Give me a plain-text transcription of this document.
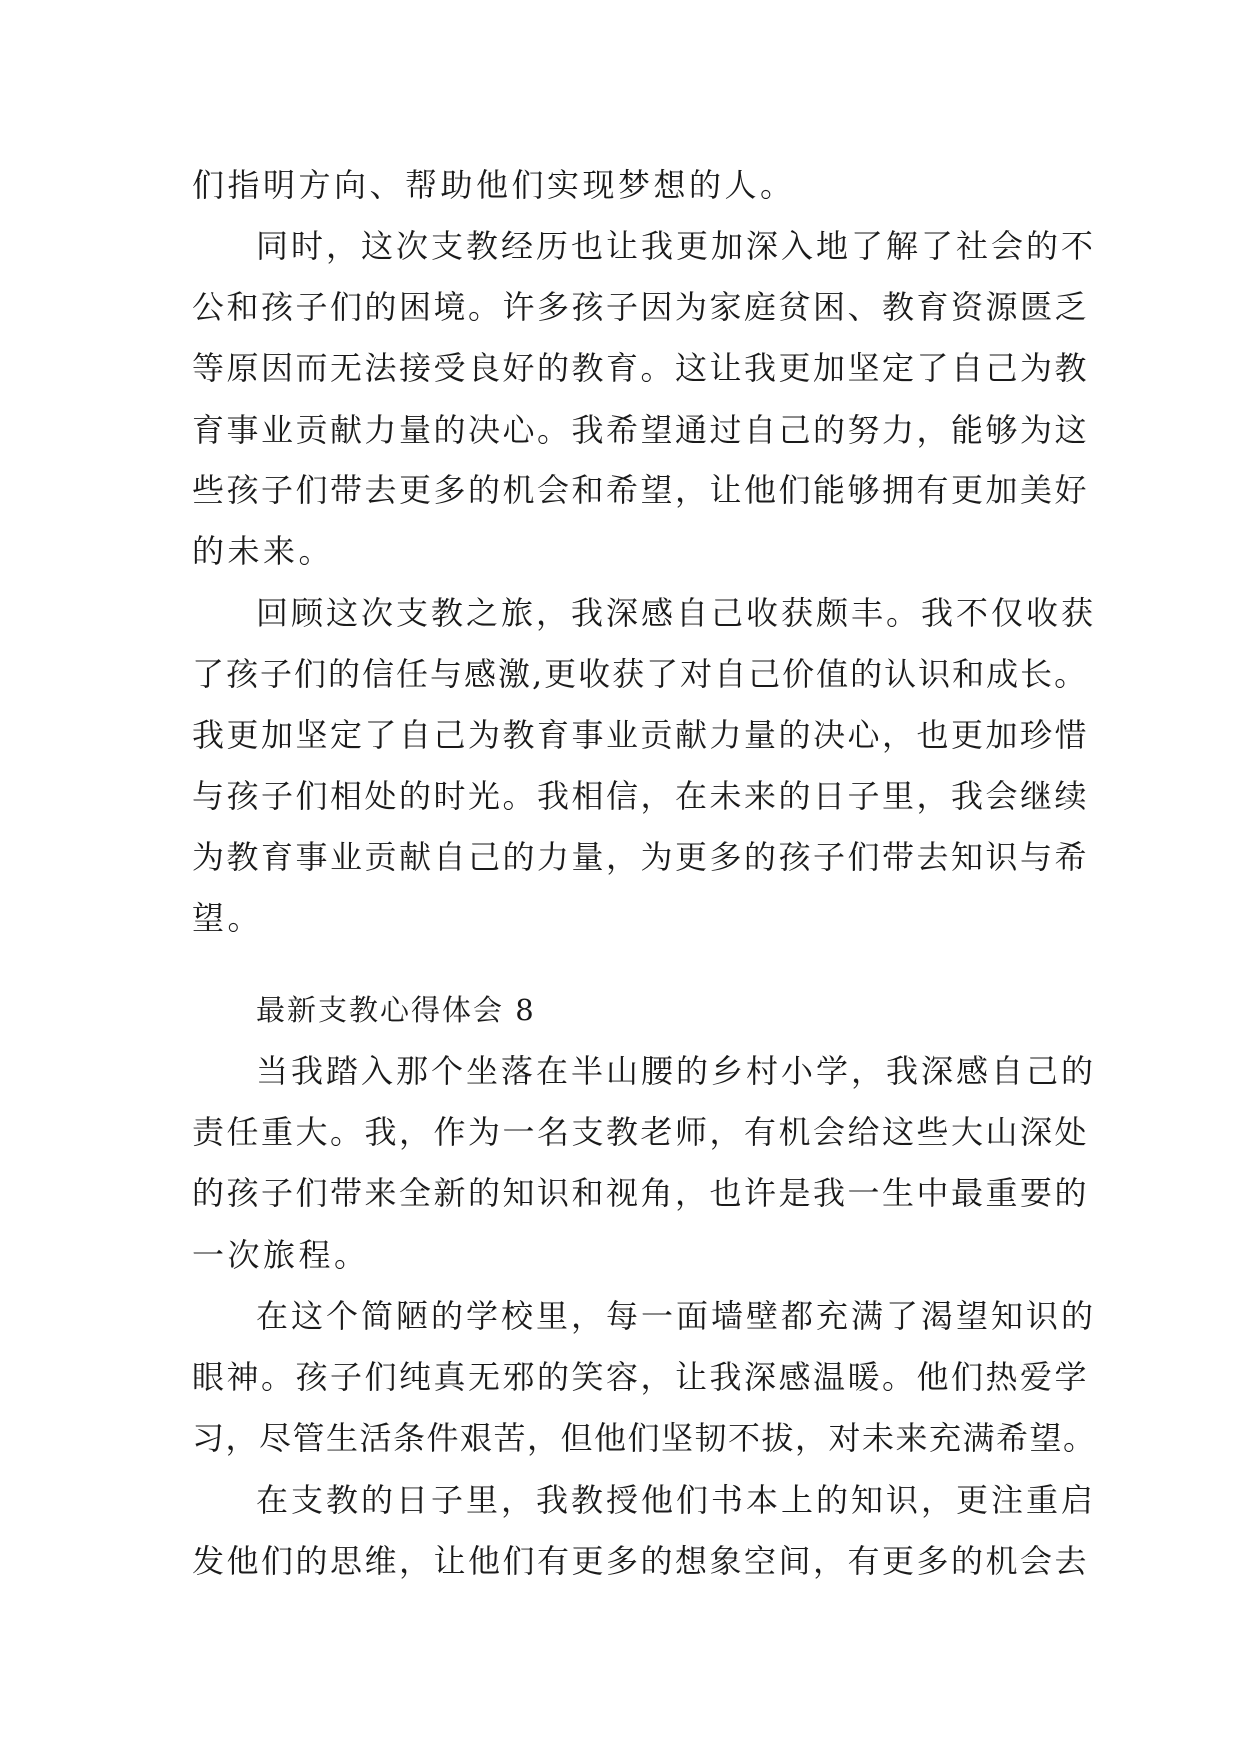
们指明方向、帮助他们实现梦想的人。
同时，这次支教经历也让我更加深入地了解了社会的不
公和孩子们的困境。许多孩子因为家庭贫困、教育资源匮乏
等原因而无法接受良好的教育。这让我更加坚定了自己为教
育事业贡献力量的决心。我希望通过自己的努力，能够为这
些孩子们带去更多的机会和希望，让他们能够拥有更加美好
的未来。
回顾这次支教之旅，我深感自己收获颇丰。我不仅收获
了孩子们的信任与感激,更收获了对自己价值的认识和成长。
我更加坚定了自己为教育事业贡献力量的决心，也更加珍惜
与孩子们相处的时光。我相信，在未来的日子里，我会继续
为教育事业贡献自己的力量，为更多的孩子们带去知识与希
望。
最新支教心得体会 8
当我踏入那个坐落在半山腰的乡村小学，我深感自己的
责任重大。我，作为一名支教老师，有机会给这些大山深处
的孩子们带来全新的知识和视角，也许是我一生中最重要的
一次旅程。
在这个简陋的学校里，每一面墙壁都充满了渴望知识的
眼神。孩子们纯真无邪的笑容，让我深感温暖。他们热爱学
习，尽管生活条件艰苦，但他们坚韧不拔，对未来充满希望。
在支教的日子里，我教授他们书本上的知识，更注重启
发他们的思维，让他们有更多的想象空间，有更多的机会去
